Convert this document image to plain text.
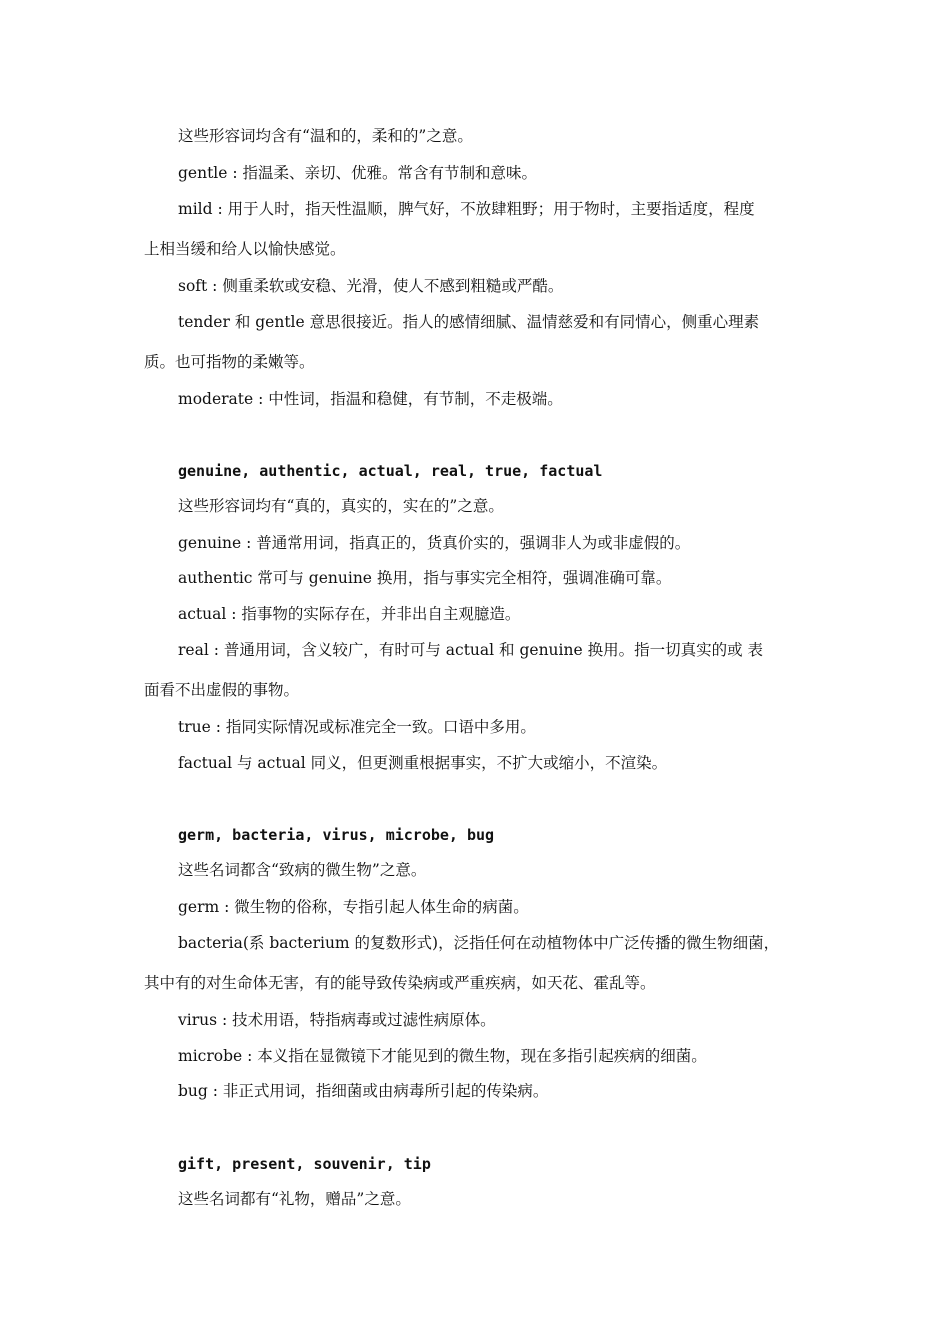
这些形容词均含有“温和的，柔和的”之意。
gentle : 指温柔、亲切、优雅。常含有节制和意味。
mild : 用于人时，指天性温顺，脾气好，不放肆粗野；用于物时，主要指适度，程度
上相当缓和给人以愉快感觉。
soft : 侧重柔软或安稳、光滑，使人不感到粗糙或严酷。
tender 和 gentle 意思很接近。指人的感情细腻、温情慈爱和有同情心，侧重心理素
质。也可指物的柔嫩等。
moderate : 中性词，指温和稳健，有节制，不走极端。
genuine, authentic, actual, real, true, factual
这些形容词均有“真的，真实的，实在的”之意。
genuine : 普通常用词，指真正的，货真价实的，强调非人为或非虚假的。
authentic 常可与 genuine 换用，指与事实完全相符，强调准确可靠。
actual : 指事物的实际存在，并非出自主观臆造。
real : 普通用词，含义较广，有时可与 actual 和 genuine 换用。指一切真实的或 表
面看不出虚假的事物。
true : 指同实际情况或标准完全一致。口语中多用。
factual 与 actual 同义，但更测重根据事实，不扩大或缩小，不渲染。
germ, bacteria, virus, microbe, bug
这些名词都含“致病的微生物”之意。
germ : 微生物的俗称，专指引起人体生命的病菌。
bacteria(系 bacterium 的复数形式)，泛指任何在动植物体中广泛传播的微生物细菌，
其中有的对生命体无害，有的能导致传染病或严重疾病，如天花、霍乱等。
virus : 技术用语，特指病毒或过滤性病原体。
microbe : 本义指在显微镜下才能见到的微生物，现在多指引起疾病的细菌。
bug : 非正式用词，指细菌或由病毒所引起的传染病。
gift, present, souvenir, tip
这些名词都有“礼物，赠品”之意。
